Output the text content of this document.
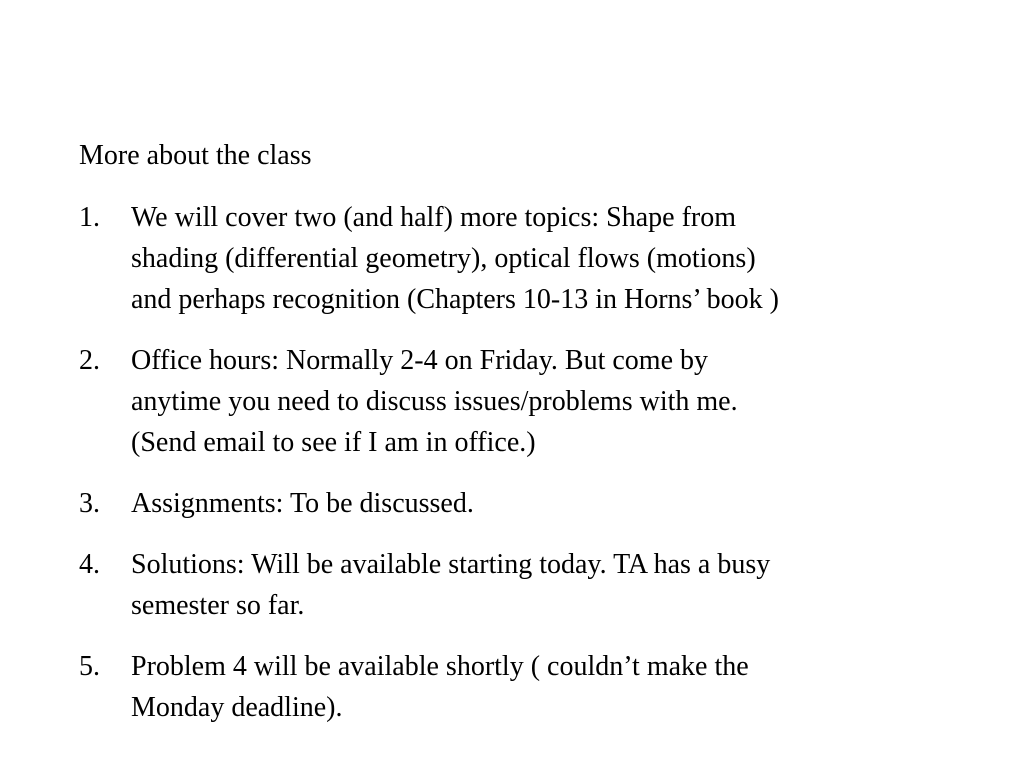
More about the class
1.	We will cover two (and half) more topics: Shape from
shading (differential geometry), optical flows (motions)
and perhaps recognition (Chapters 10-13 in Horns’ book )
2.	Office hours: Normally 2-4 on Friday. But come by
anytime you need to discuss issues/problems with me.
(Send email to see if I am in office.)
3.	Assignments: To be discussed.
4.	Solutions: Will be available starting today. TA has a busy
semester so far.
5.	Problem 4 will be available shortly ( couldn’t make the
Monday deadline).
